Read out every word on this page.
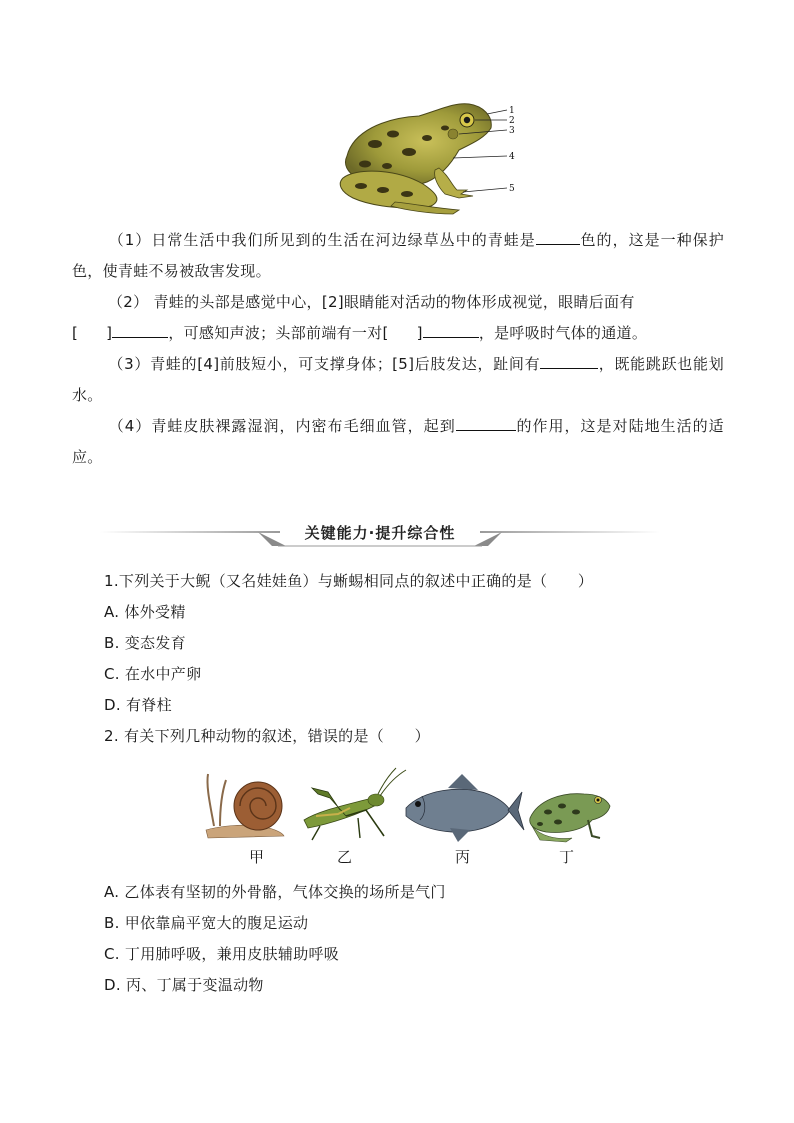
1
2
3
4
5
（1）日常生活中我们所见到的生活在河边绿草丛中的青蛙是	色的，这是一种保护色，使青蛙不易被敌害发现。
（2） 青蛙的头部是感觉中心，[2]眼睛能对活动的物体形成视觉，眼睛后面有
[ ]	，可感知声波；头部前端有一对[ ]	，是呼吸时气体的通道。
（3）青蛙的[4]前肢短小，可支撑身体；[5]后肢发达，趾间有	，既能跳跃也能划水。
（4）青蛙皮肤裸露湿润，内密布毛细血管，起到	的作用，这是对陆地生活的适应。
关键能力·提升综合性
1.下列关于大鲵（又名娃娃鱼）与蜥蜴相同点的叙述中正确的是（　　）
A. 体外受精
B. 变态发育
C. 在水中产卵
D. 有脊柱
2. 有关下列几种动物的叙述，错误的是（　　）
甲	乙	丙	丁
A. 乙体表有坚韧的外骨骼，气体交换的场所是气门
B. 甲依靠扁平宽大的腹足运动
C. 丁用肺呼吸，兼用皮肤辅助呼吸
D. 丙、丁属于变温动物
